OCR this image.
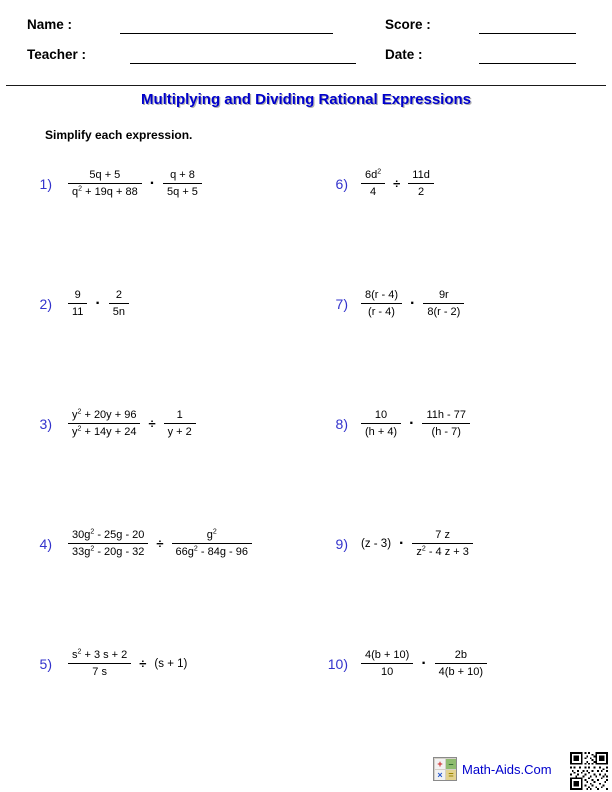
Name :	Score :
Teacher :	Date :
Multiplying and Dividing Rational Expressions
Simplify each expression.
$1) \frac{5q + 5}{q^2 + 19q + 88} \cdot \frac{q + 8}{5q + 5}$
$2) \frac{9}{11} \cdot \frac{2}{5n}$
$3) \frac{y^2 + 20y + 96}{y^2 + 14y + 24} \div \frac{1}{y + 2}$
$4) \frac{30g^2 - 25g - 20}{33g^2 - 20g - 32} \div \frac{g^2}{66g^2 - 84g - 96}$
$5) \frac{s^2 + 3 s + 2}{7 s} \div (s + 1)$
$6) \frac{6d^2}{4} \div \frac{11d}{2}$
$7) \frac{8(r - 4)}{(r - 4)} \cdot \frac{9r}{8(r - 2)}$
$8) \frac{10}{(h + 4)} \cdot \frac{11h - 77}{(h - 7)}$
9) $(z - 3) \cdot \frac{7 z}{z^2 - 4 z + 3}$
$10) \frac{4(b + 10)}{10} \cdot \frac{2b}{4(b + 10)}$
+ –
× = Math-Aids.Com
